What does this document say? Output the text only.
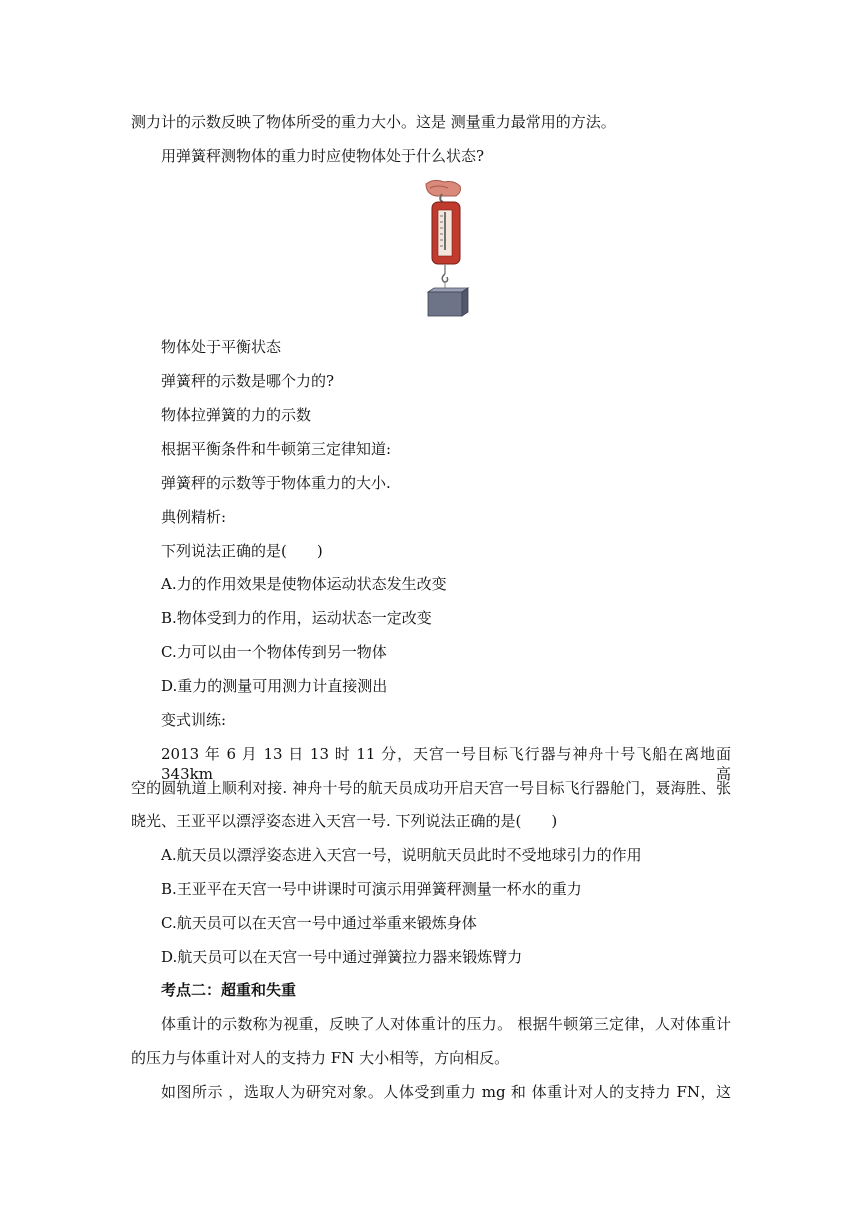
测力计的示数反映了物体所受的重力大小。这是 测量重力最常用的方法。
用弹簧秤测物体的重力时应使物体处于什么状态?
物体处于平衡状态
弹簧秤的示数是哪个力的?
物体拉弹簧的力的示数
根据平衡条件和牛顿第三定律知道:
弹簧秤的示数等于物体重力的大小.
典例精析:
下列说法正确的是(　　)
A.力的作用效果是使物体运动状态发生改变
B.物体受到力的作用，运动状态一定改变
C.力可以由一个物体传到另一物体
D.重力的测量可用测力计直接测出
变式训练:
2013 年 6 月 13 日 13 时 11 分，天宫一号目标飞行器与神舟十号飞船在离地面 343km 高
空的圆轨道上顺利对接. 神舟十号的航天员成功开启天宫一号目标飞行器舱门，聂海胜、张
晓光、王亚平以漂浮姿态进入天宫一号. 下列说法正确的是(　　)
A.航天员以漂浮姿态进入天宫一号，说明航天员此时不受地球引力的作用
B.王亚平在天宫一号中讲课时可演示用弹簧秤测量一杯水的重力
C.航天员可以在天宫一号中通过举重来锻炼身体
D.航天员可以在天宫一号中通过弹簧拉力器来锻炼臂力
考点二：超重和失重
体重计的示数称为视重，反映了人对体重计的压力。 根据牛顿第三定律，人对体重计
的压力与体重计对人的支持力 FN 大小相等，方向相反。
如图所示 ，选取人为研究对象。人体受到重力 mg 和 体重计对人的支持力 FN，这
